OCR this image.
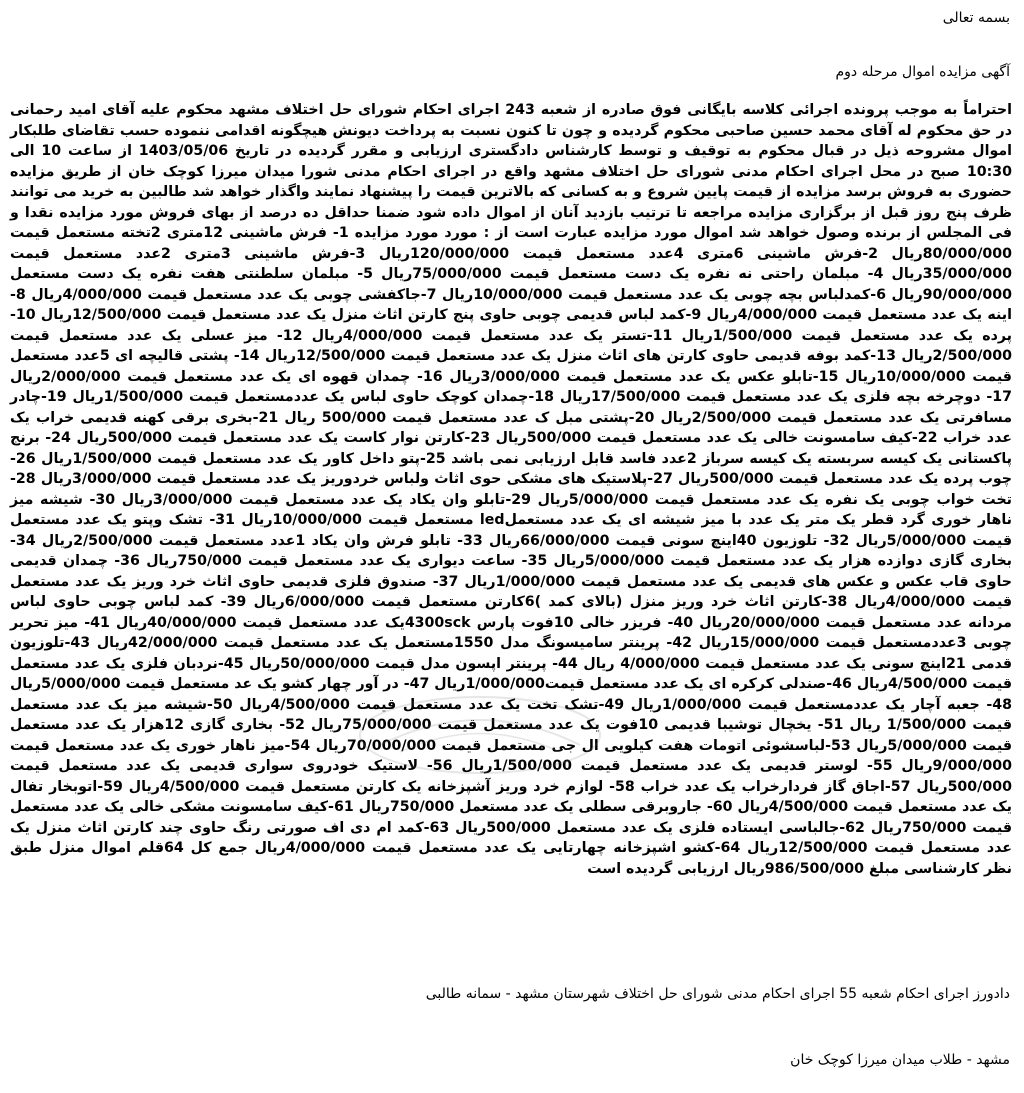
بسمه تعالی
آگهی مزایده اموال مرحله دوم
احتراماً به موجب پرونده اجرائی کلاسه بایگانی فوق صادره از شعبه 243 اجرای احکام شورای حل اختلاف مشهد محکوم علیه آقای امید رحمانی در حق محکوم له آقای محمد حسین صاحبی محکوم گردیده و چون تا کنون نسبت به پرداخت دیونش هیچگونه اقدامی ننموده حسب تقاضای طلبکار اموال مشروحه ذیل در قبال محکوم به توقیف و توسط کارشناس دادگستری ارزیابی و مقرر گردیده در تاریخ 1403/05/06 از ساعت 10 الی 10:30 صبح در محل اجرای احکام مدنی شورای حل اختلاف مشهد واقع در اجرای احکام مدنی شورا میدان میرزا کوچک خان از طریق مزایده حضوری به فروش برسد مزایده از قیمت پایین شروع و به کسانی که بالاترین قیمت را پیشنهاد نمایند واگذار خواهد شد طالبین به خرید می توانند ظرف پنج روز قبل از برگزاری مزایده مراجعه تا ترتیب بازدید آنان از اموال داده شود ضمنا حداقل ده درصد از بهای فروش مورد مزایده نقدا و فی المجلس از برنده وصول خواهد شد اموال مورد مزایده عبارت است از : مورد مورد مزایده 1- فرش ماشینی 12متری 2تخته مستعمل قیمت 80/000/000ریال 2-فرش ماشینی 6متری 4عدد مستعمل قیمت 120/000/000ریال 3-فرش ماشینی 3متری 2عدد مستعمل قیمت 35/000/000ریال 4- مبلمان راحتی نه نفره یک دست مستعمل قیمت 75/000/000ریال 5- مبلمان سلطنتی هفت نفره یک دست مستعمل 90/000/000ریال 6-کمدلباس بچه چوبی یک عدد مستعمل قیمت 10/000/000ریال 7-جاکفشی چوبی یک عدد مستعمل قیمت 4/000/000ریال 8-اینه یک عدد مستعمل قیمت 4/000/000ریال 9-کمد لباس قدیمی چوبی حاوی پنج کارتن اثاث منزل یک عدد مستعمل قیمت 12/500/000ریال 10-پرده یک عدد مستعمل قیمت 1/500/000ریال 11-تستر یک عدد مستعمل قیمت 4/000/000ریال 12- میز عسلی یک عدد مستعمل قیمت 2/500/000ریال 13-کمد بوفه قدیمی حاوی کارتن های اثاث منزل یک عدد مستعمل قیمت 12/500/000ریال 14- پشتی قالیچه ای 5عدد مستعمل قیمت 10/000/000ریال 15-تابلو عکس یک عدد مستعمل قیمت 3/000/000ریال 16- چمدان قهوه ای یک عدد مستعمل قیمت 2/000/000ریال 17- دوچرخه بچه فلزی یک عدد مستعمل قیمت 17/500/000ریال 18-چمدان کوچک حاوی لباس یک عددمستعمل قیمت 1/500/000ریال 19-چادر مسافرتی یک عدد مستعمل قیمت 2/500/000ریال 20-پشتی مبل ک عدد مستعمل قیمت 500/000 ریال 21-بخری برقی کهنه قدیمی خراب یک عدد خراب 22-کیف سامسونت خالی یک عدد مستعمل قیمت 500/000ریال 23-کارتن نوار کاست یک عدد مستعمل قیمت 500/000ریال 24- برنج پاکستانی یک کیسه سربسته یک کیسه سرباز 2عدد فاسد قابل ارزیابی نمی باشد 25-پتو داخل کاور یک عدد مستعمل قیمت 1/500/000ریال 26- چوب پرده یک عدد مستعمل قیمت 500/000ریال 27-پلاستیک های مشکی حوی اثاث ولباس خردوریز یک عدد مستعمل قیمت 3/000/000ریال 28-تخت خواب چوبی یک نفره یک عدد مستعمل قیمت 5/000/000ریال 29-تابلو وان یکاد یک عدد مستعمل قیمت 3/000/000ریال 30- شیشه میز ناهار خوری گرد قطر یک متر یک عدد با میز شیشه ای یک عدد مستعملled مستعمل قیمت 10/000/000ریال 31- تشک وپتو یک عدد مستعمل قیمت 5/000/000ریال 32- تلوزیون 40اینچ سونی قیمت 66/000/000ریال 33- تابلو فرش وان یکاد 1عدد مستعمل قیمت 2/500/000ریال 34- بخاری گازی دوازده هزار یک عدد مستعمل قیمت 5/000/000ریال 35- ساعت دیواری یک عدد مستعمل قیمت 750/000ریال 36- چمدان قدیمی حاوی قاب عکس و عکس های قدیمی یک عدد مستعمل قیمت 1/000/000ریال 37- صندوق فلزی قدیمی حاوی اثاث خرد وریز یک عدد مستعمل قیمت 4/000/000ریال 38-کارتن اثاث خرد وریز منزل (بالای کمد )6کارتن مستعمل قیمت 6/000/000ریال 39- کمد لباس چوبی حاوی لباس مردانه عدد مستعمل قیمت 20/000/000ریال 40- فریزر خالی 10فوت پارس 4300sckیک عدد مستعمل قیمت 40/000/000ریال 41- میز تحریر چوبی 3عددمستعمل قیمت 15/000/000ریال 42- پرینتر سامیسونگ مدل 1550مستعمل یک عدد مستعمل قیمت 42/000/000ریال 43-تلوزیون قدمی 21اینچ سونی یک عدد مستعمل قیمت 4/000/000 ریال 44- پرینتر اپسون مدل قیمت 50/000/000ریال 45-نردبان فلزی یک عدد مستعمل قیمت 4/500/000ریال 46-صندلی کرکره ای یک عدد مستعمل قیمت1/000/000ریال 47- در آور چهار کشو یک عد مستعمل قیمت 5/000/000ریال 48- جعبه آچار یک عددمستعمل قیمت 1/000/000ریال 49-تشک تخت یک عدد مستعمل قیمت 4/500/000ریال 50-شیشه میز یک عدد مستعمل قیمت 1/500/000 ریال 51- یخچال توشیبا قدیمی 10فوت یک عدد مستعمل قیمت 75/000/000ریال 52- بخاری گازی 12هزار یک عدد مستعمل قیمت 5/000/000ریال 53-لباسشوئی اتومات هفت کیلویی ال جی مستعمل قیمت 70/000/000ریال 54-میز ناهار خوری یک عدد مستعمل قیمت 9/000/000ریال 55- لوستر قدیمی یک عدد مستعمل قیمت 1/500/000ریال 56- لاستیک خودروی سواری قدیمی یک عدد مستعمل قیمت 500/000ریال 57-اجاق گاز فردارخراب یک عدد خراب 58- لوازم خرد وریز آشپزخانه یک کارتن مستعمل قیمت 4/500/000ریال 59-اتوبخار تفال یک عدد مستعمل قیمت 4/500/000ریال 60- جاروبرقی سطلی یک عدد مستعمل 750/000ریال 61-کیف سامسونت مشکی خالی یک عدد مستعمل قیمت 750/000ریال 62-جالباسی ایستاده فلزی یک عدد مستعمل 500/000ریال 63-کمد ام دی اف صورتی رنگ حاوی چند کارتن اثاث منزل یک عدد مستعمل قیمت 12/500/000ریال 64-کشو اشپزخانه چهارتایی یک عدد مستعمل قیمت 4/000/000ریال جمع کل 64قلم اموال منزل طبق نظر کارشناسی مبلغ 986/500/000ریال ارزیابی گردیده است
دادورز اجرای احکام شعبه 55 اجرای احکام مدنی شورای حل اختلاف شهرستان مشهد - سمانه طالبی
مشهد - طلاب میدان میرزا کوچک خان
